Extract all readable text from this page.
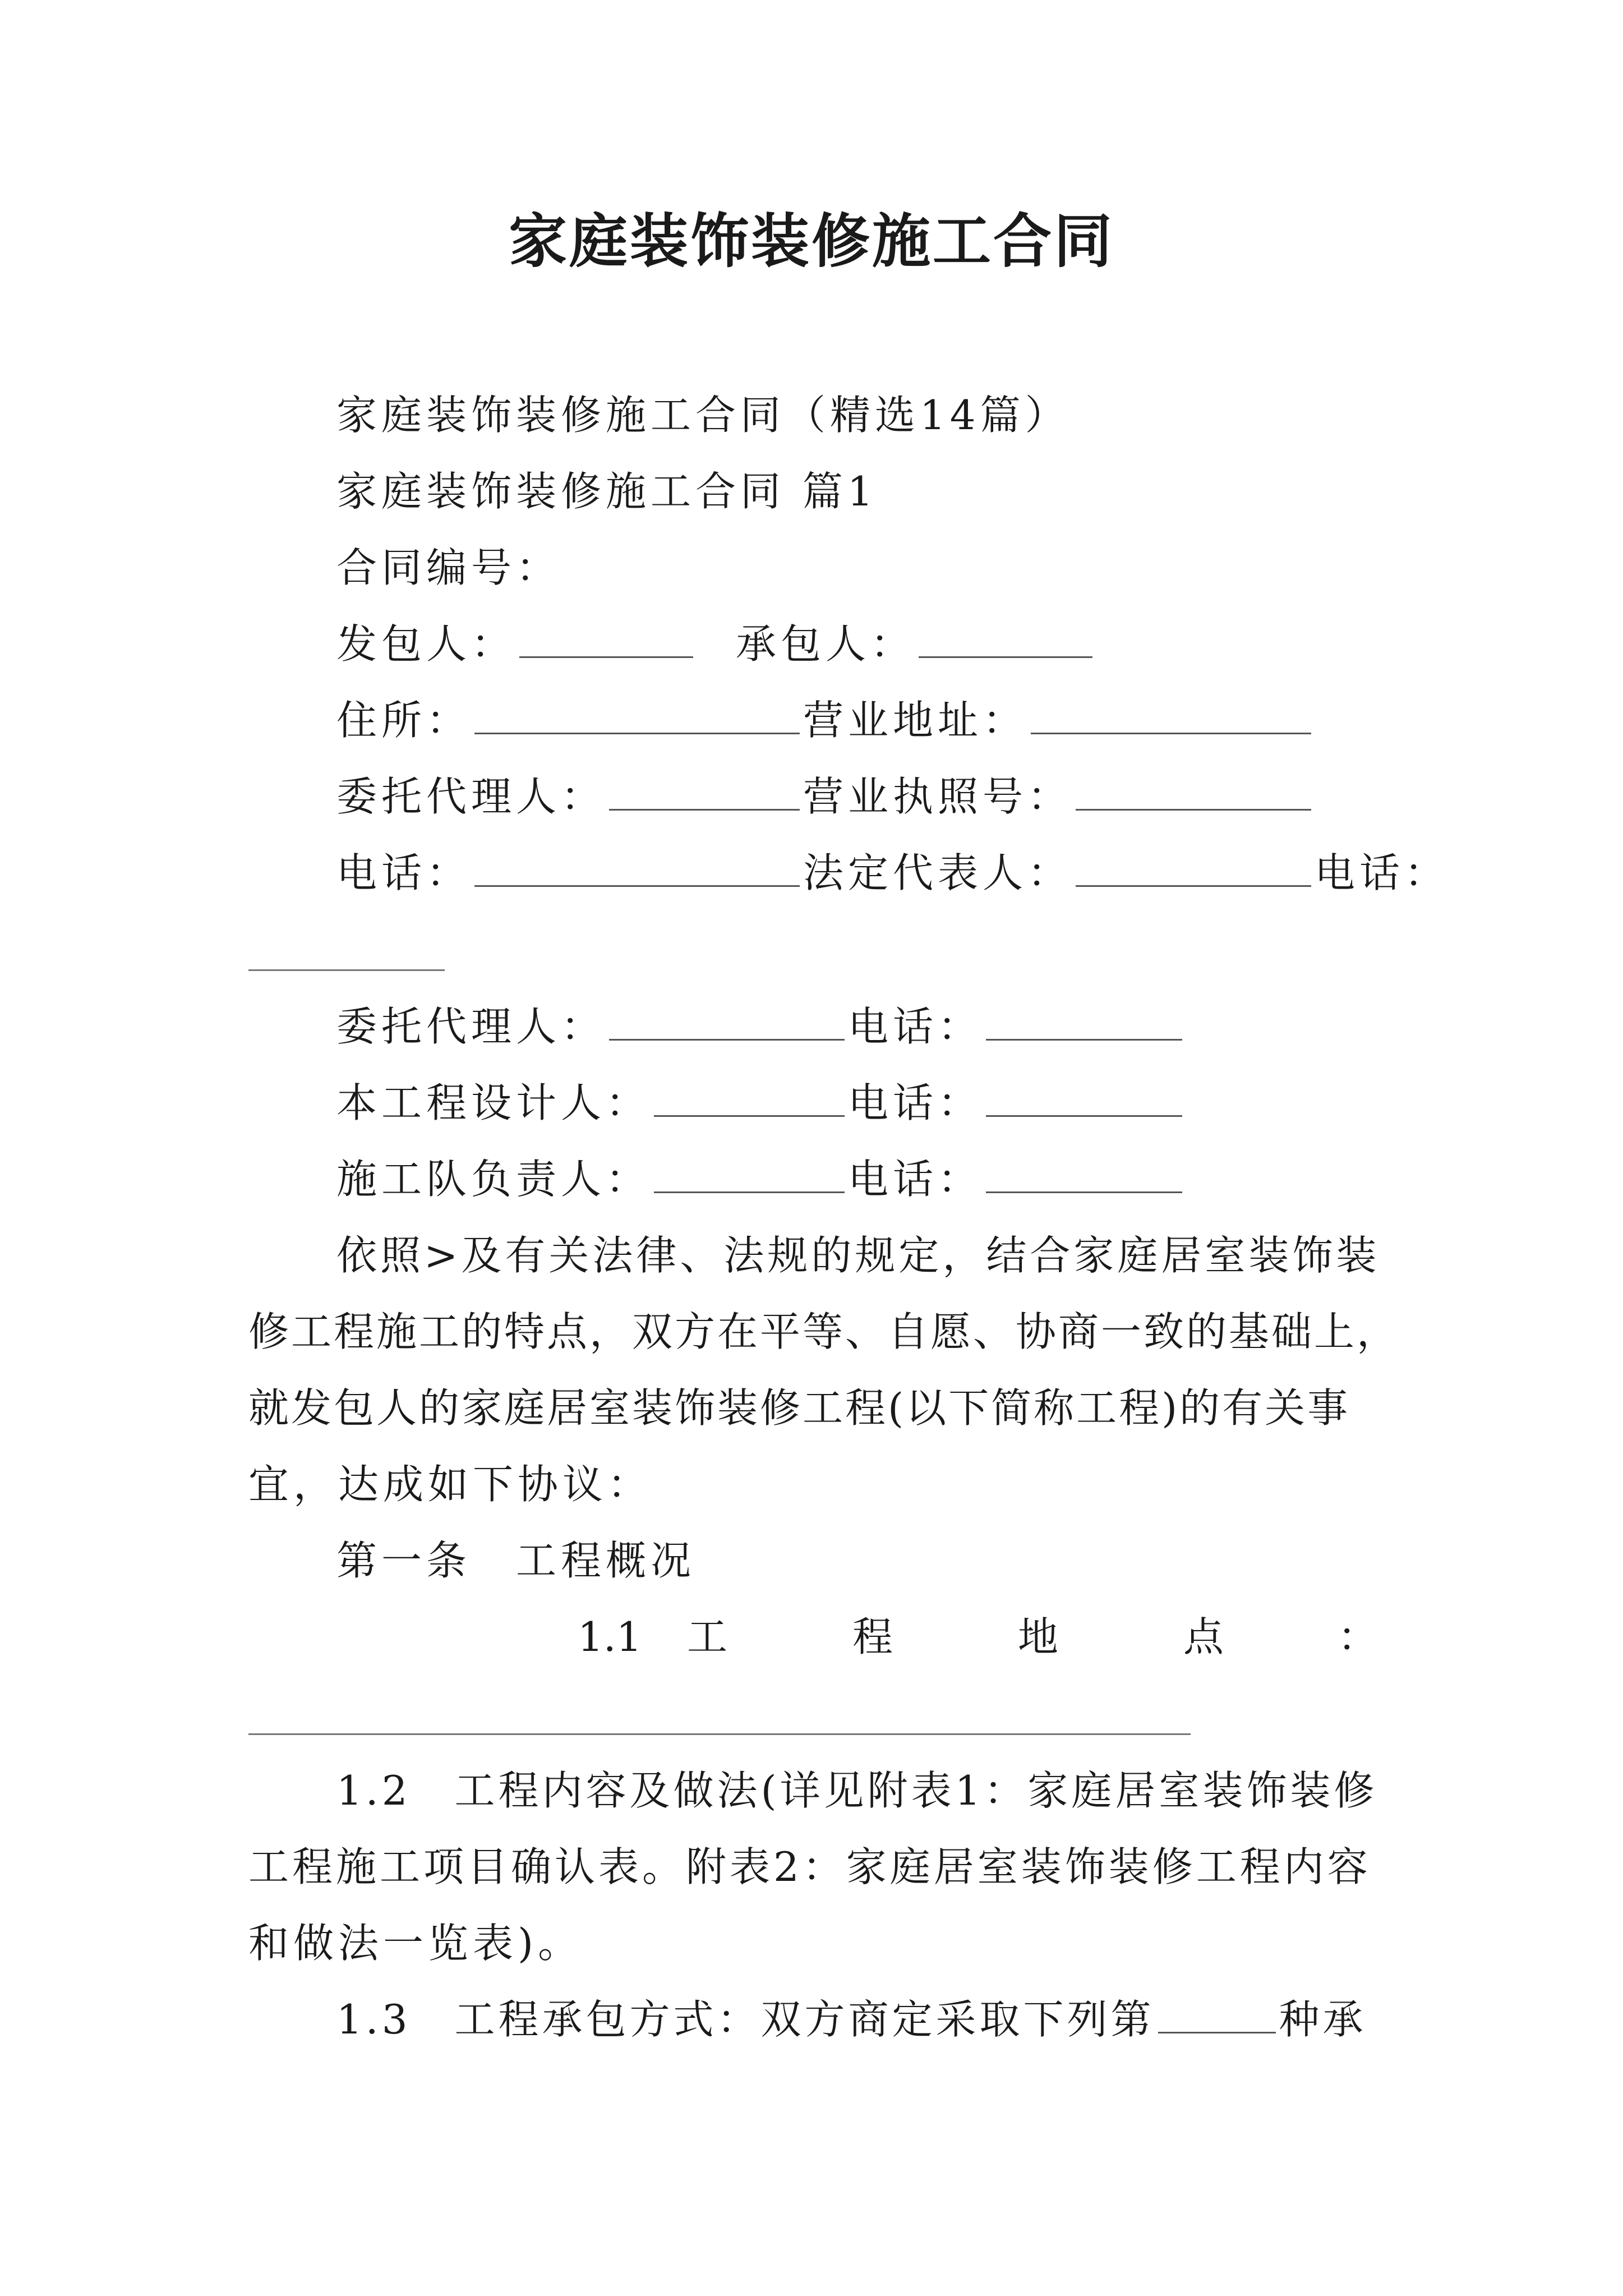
家庭装饰装修施工合同
家庭装饰装修施工合同（精选14篇）
家庭装饰装修施工合同 篇1
合同编号：
发包人：	承包人：
住所：	营业地址：
委托代理人：	营业执照号：
电话：	法定代表人：	电话：
委托代理人：	电话：
本工程设计人：	电话：
施工队负责人：	电话：
依照>及有关法律、法规的规定，结合家庭居室装饰装
修工程施工的特点，双方在平等、自愿、协商一致的基础上，
就发包人的家庭居室装饰装修工程(以下简称工程)的有关事
宜，达成如下协议：
第一条　工程概况
1.1 工	程	地	点	：
1.2　工程内容及做法(详见附表1：家庭居室装饰装修
工程施工项目确认表。附表2：家庭居室装饰装修工程内容
和做法一览表)。
1.3　工程承包方式：双方商定采取下列第	种承
